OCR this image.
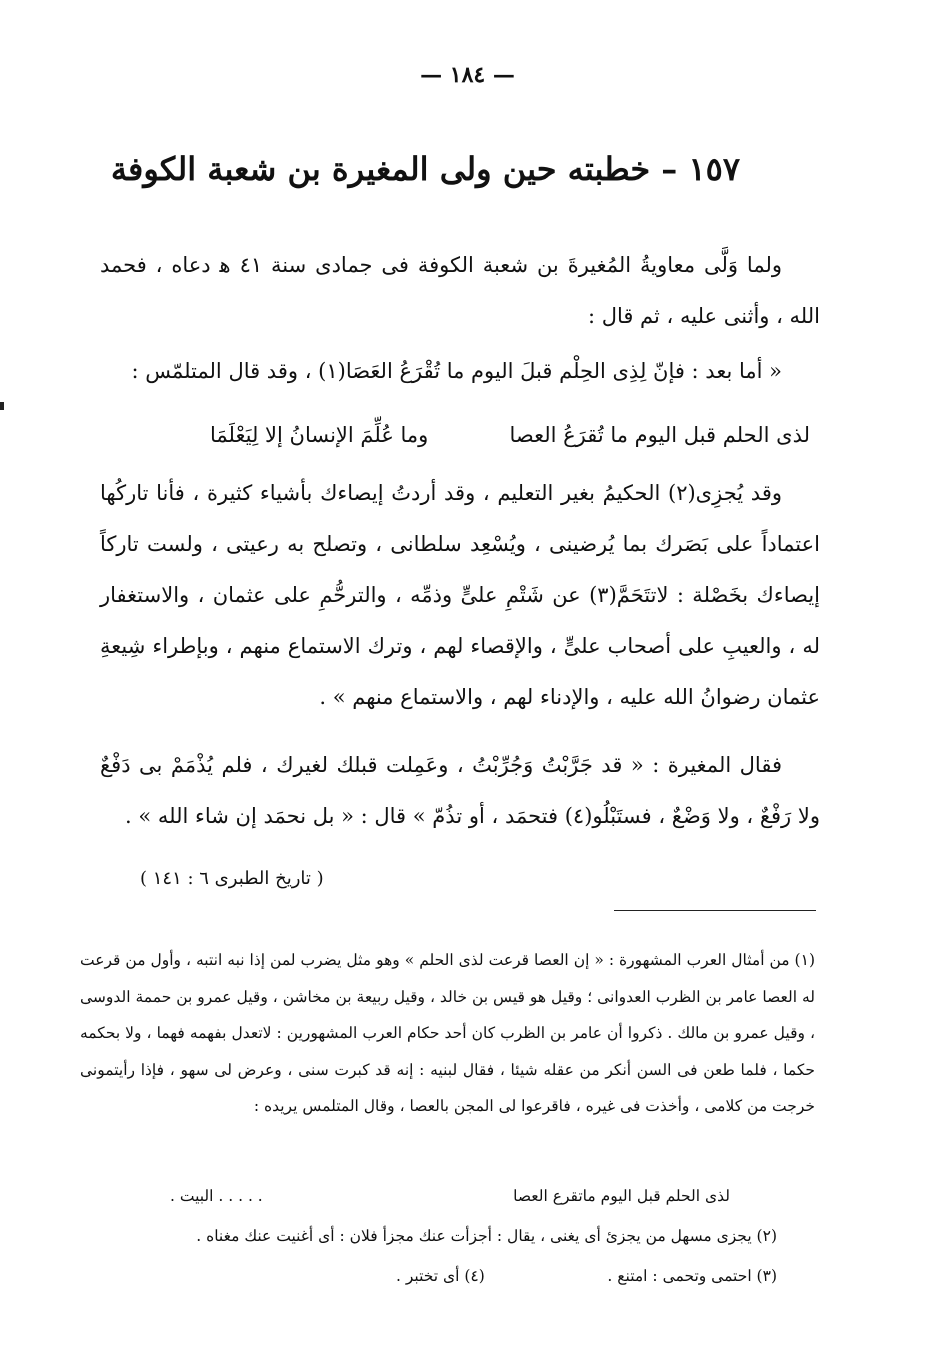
— ١٨٤ —
١٥٧ – خطبته حين ولى المغيرة بن شعبة الكوفة

ولما وَلَّى معاويةُ المُغيرةَ بن شعبة الكوفة فى جمادى سنة ٤١ ﻫ دعاه ، فحمد الله ، وأثنى عليه ، ثم قال :

« أما بعد : فإنّ لِذِى الحِلْم قبلَ اليوم ما تُقْرَعُ العَصَا(١) ، وقد قال المتلمّس :

لذى الحلم قبل اليوم ما تُقرَعُ العصا
وما عُلِّمَ الإنسانُ إلا لِيَعْلَمَا

وقد يُجزِى(٢) الحكيمُ بغير التعليم ، وقد أردتُ إيصاءك بأشياء كثيرة ، فأنا تاركُها اعتماداً على بَصَرك بما يُرضينى ، ويُسْعِد سلطانى ، وتصلح به رعيتى ، ولست تاركاً إيصاءك بخَصْلة : لاتتَحَمَّ(٣) عن شَتْمِ علىٍّ وذمِّه ، والترحُّمِ على عثمان ، والاستغفار له ، والعيبِ على أصحاب علىٍّ ، والإقصاء لهم ، وترك الاستماع منهم ، وبإطراء شِيعةِ عثمان رضوانُ الله عليه ، والإدناء لهم ، والاستماع منهم » .

فقال المغيرة : « قد جَرَّبْتُ وَجُرِّبْتُ ، وعَمِلت قبلك لغيرك ، فلم يُذْمَمْ بى دَفْعٌ ولا رَفْعٌ ، ولا وَضْعٌ ، فستَبْلُو(٤) فتحمَد ، أو تذُمّ » قال : « بل نحمَد إن شاء الله » .

( تاريخ الطبرى ٦ : ١٤١ )

(١) من أمثال العرب المشهورة : « إن العصا قرعت لذى الحلم » وهو مثل يضرب لمن إذا نبه انتبه ، وأول من قرعت له العصا عامر بن الظرب العدوانى ؛ وقيل هو قيس بن خالد ، وقيل ربيعة بن مخاشن ، وقيل عمرو بن حممة الدوسى ، وقيل عمرو بن مالك . ذكروا أن عامر بن الظرب كان أحد حكام العرب المشهورين : لاتعدل بفهمه فهما ، ولا بحكمه حكما ، فلما طعن فى السن أنكر من عقله شيئا ، فقال لبنيه : إنه قد كبرت سنى ، وعرض لى سهو ، فإذا رأيتمونى خرجت من كلامى ، وأخذت فى غيره ، فاقرعوا لى المجن بالعصا ، وقال المتلمس يريده :

لذى الحلم قبل اليوم ماتقرع العصا
. . . . . البيت .
(٢) يجزى مسهل من يجزئ أى يغنى ، يقال : أجزأت عنك مجزأ فلان : أى أغنيت عنك مغناه .
(٣) احتمى وتحمى : امتنع .
(٤) أى تختبر .
